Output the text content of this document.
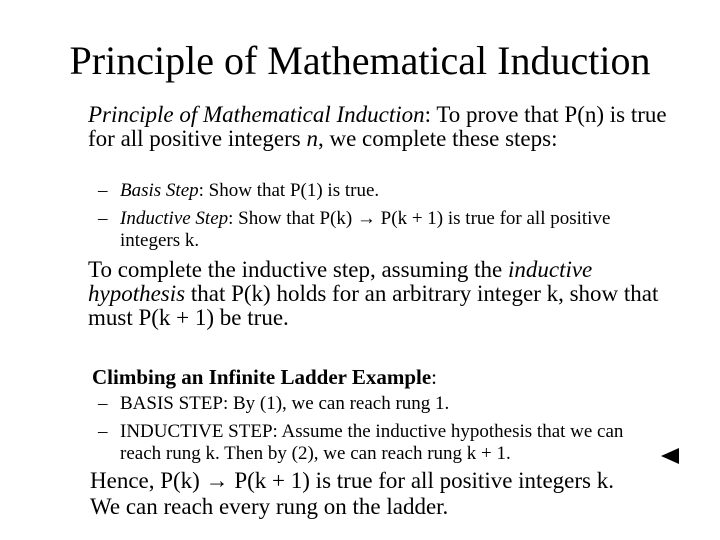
Principle of Mathematical Induction
Principle of Mathematical Induction: To prove that P(n) is true for all positive integers n, we complete these steps:
– Basis Step: Show that P(1) is true.
– Inductive Step: Show that P(k) → P(k + 1) is true for all positive integers k.
To complete the inductive step, assuming the inductive hypothesis that P(k) holds for an arbitrary integer k, show that must P(k + 1) be true.
Climbing an Infinite Ladder Example:
– BASIS STEP: By (1), we can reach rung 1.
– INDUCTIVE STEP: Assume the inductive hypothesis that we can reach rung k. Then by (2), we can reach rung k + 1.
Hence, P(k) → P(k + 1) is true for all positive integers k.
We can reach every rung on the ladder.
